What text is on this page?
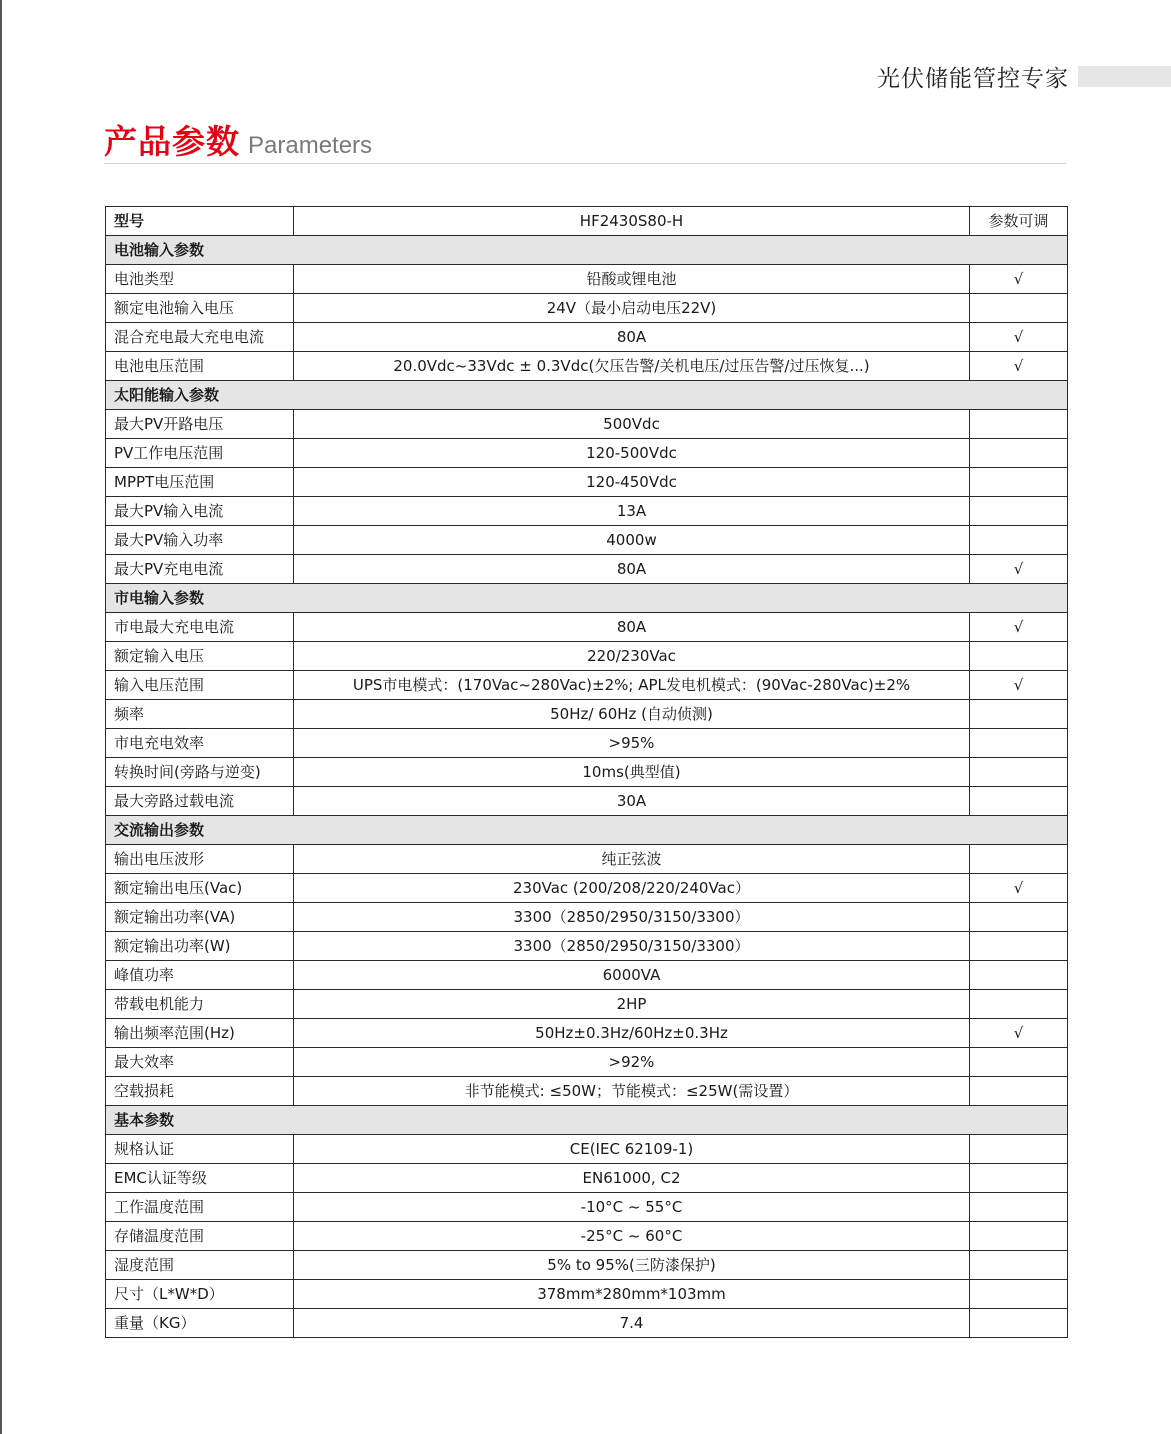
光伏储能管控专家
产品参数 Parameters
型号	HF2430S80-H	参数可调
电池输入参数		
电池类型	铅酸或锂电池	√
额定电池输入电压	24V（最小启动电压22V)	
混合充电最大充电电流	80A	√
电池电压范围	20.0Vdc~33Vdc ± 0.3Vdc(欠压告警/关机电压/过压告警/过压恢复...)	√
太阳能输入参数		
最大PV开路电压	500Vdc	
PV工作电压范围	120-500Vdc	
MPPT电压范围	120-450Vdc	
最大PV输入电流	13A	
最大PV输入功率	4000w	
最大PV充电电流	80A	√
市电输入参数		
市电最大充电电流	80A	√
额定输入电压	220/230Vac	
输入电压范围	UPS市电模式：(170Vac~280Vac)±2%; APL发电机模式：(90Vac-280Vac)±2%	√
频率	50Hz/ 60Hz (自动侦测)	
市电充电效率	>95%	
转换时间(旁路与逆变)	10ms(典型值)	
最大旁路过载电流	30A	
交流输出参数		
输出电压波形	纯正弦波	
额定输出电压(Vac)	230Vac (200/208/220/240Vac）	√
额定输出功率(VA)	3300（2850/2950/3150/3300）	
额定输出功率(W)	3300（2850/2950/3150/3300）	
峰值功率	6000VA	
带载电机能力	2HP	
输出频率范围(Hz)	50Hz±0.3Hz/60Hz±0.3Hz	√
最大效率	>92%	
空载损耗	非节能模式: ≤50W；节能模式：≤25W(需设置）	
基本参数		
规格认证	CE(IEC 62109-1)	
EMC认证等级	EN61000, C2	
工作温度范围	-10°C ~ 55°C	
存储温度范围	-25°C ~ 60°C	
湿度范围	5% to 95%(三防漆保护)	
尺寸（L*W*D）	378mm*280mm*103mm	
重量（KG）	7.4	
